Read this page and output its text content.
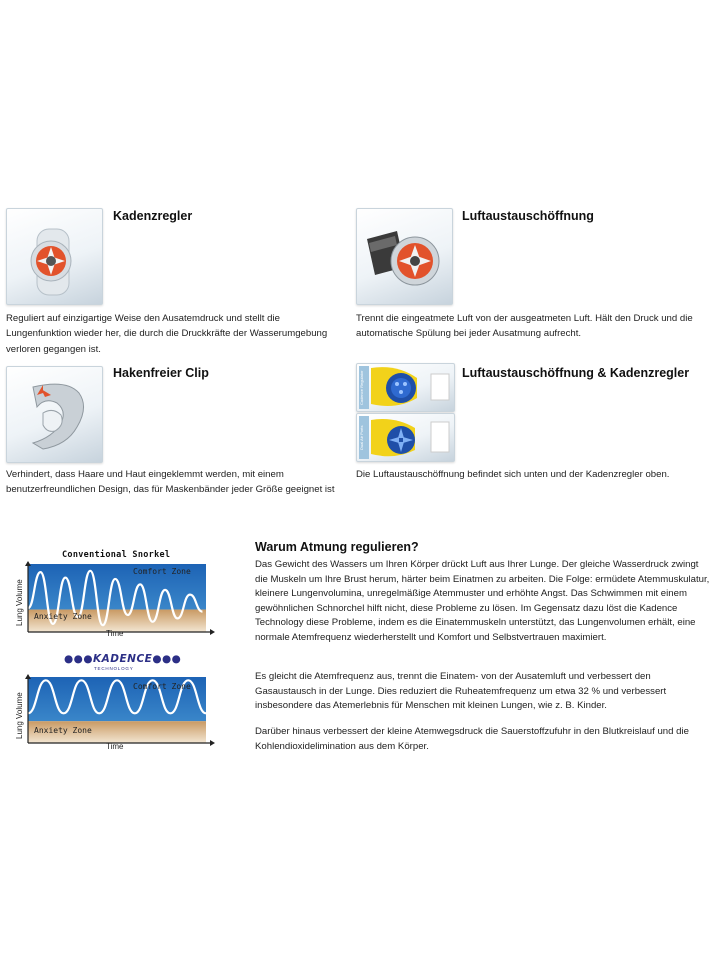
Kadenzregler
Reguliert auf einzigartige Weise den Ausatemdruck und stellt die Lungenfunktion wieder her, die durch die Druckkräfte der Wasserumgebung verloren gegangen ist.
Luftaustauschöffnung
Trennt die eingeatmete Luft von der ausgeatmeten Luft. Hält den Druck und die automatische Spülung bei jeder Ausatmung aufrecht.
Hakenfreier Clip
Verhindert, dass Haare und Haut eingeklemmt werden, mit einem benutzerfreundlichen Design, das für Maskenbänder jeder Größe geeignet ist
Cadence Regulator
Dual Air Ports
Luftaustauschöffnung & Kadenzregler
Die Luftaustauschöffnung befindet sich unten und der Kadenzregler oben.
Conventional Snorkel
Comfort Zone
Anxiety Zone
Lung Volume
Time
●●●KADENCE●●●
TECHNOLOGY
Comfort Zone
Anxiety Zone
Lung Volume
Time
Warum Atmung regulieren?

Das Gewicht des Wassers um Ihren Körper drückt Luft aus Ihrer Lunge. Der gleiche Wasserdruck zwingt die Muskeln um Ihre Brust herum, härter beim Einatmen zu arbeiten. Die Folge: ermüdete Atemmuskulatur, kleinere Lungenvolumina, unregelmäßige Atemmuster und erhöhte Angst. Das Schwimmen mit einem gewöhnlichen Schnorchel hilft nicht, diese Probleme zu lösen. Im Gegensatz dazu löst die Kadence Technology diese Probleme, indem es die Einatemmuskeln unterstützt, das Lungenvolumen erhält, eine normale Atemfrequenz wiederherstellt und Komfort und Selbstvertrauen maximiert.

Es gleicht die Atemfrequenz aus, trennt die Einatem- von der Ausatemluft und verbessert den Gasaustausch in der Lunge. Dies reduziert die Ruheatemfrequenz um etwa 32 % und verbessert insbesondere das Atemerlebnis für Menschen mit kleinen Lungen, wie z. B. Kinder.

Darüber hinaus verbessert der kleine Atemwegsdruck die Sauerstoffzufuhr in den Blutkreislauf und die Kohlendioxidelimination aus dem Körper.
